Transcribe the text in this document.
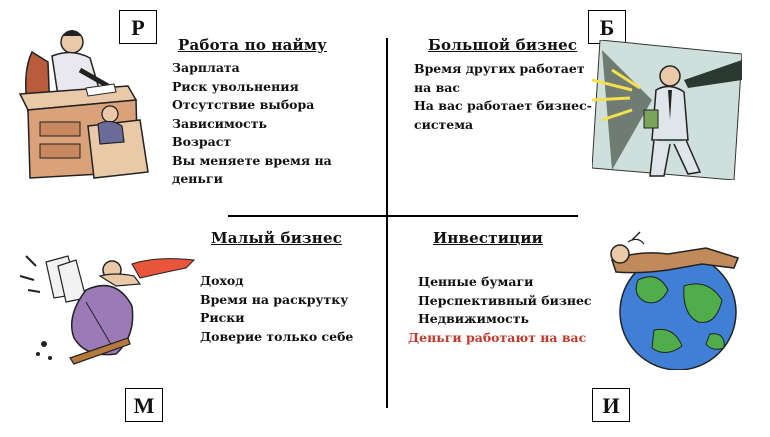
Р	Б
М	И
Работа по найму
Зарплата
Риск увольнения
Отсутствие выбора
Зависимость
Возраст
Вы меняете время на деньги
Большой бизнес
Время других работает на вас
На вас работает бизнес-система
Малый бизнес
Доход
Время на раскрутку
Риски
Доверие только себе
Инвестиции
Ценные бумаги
Перспективный бизнес
Недвижимость
Деньги работают на вас
